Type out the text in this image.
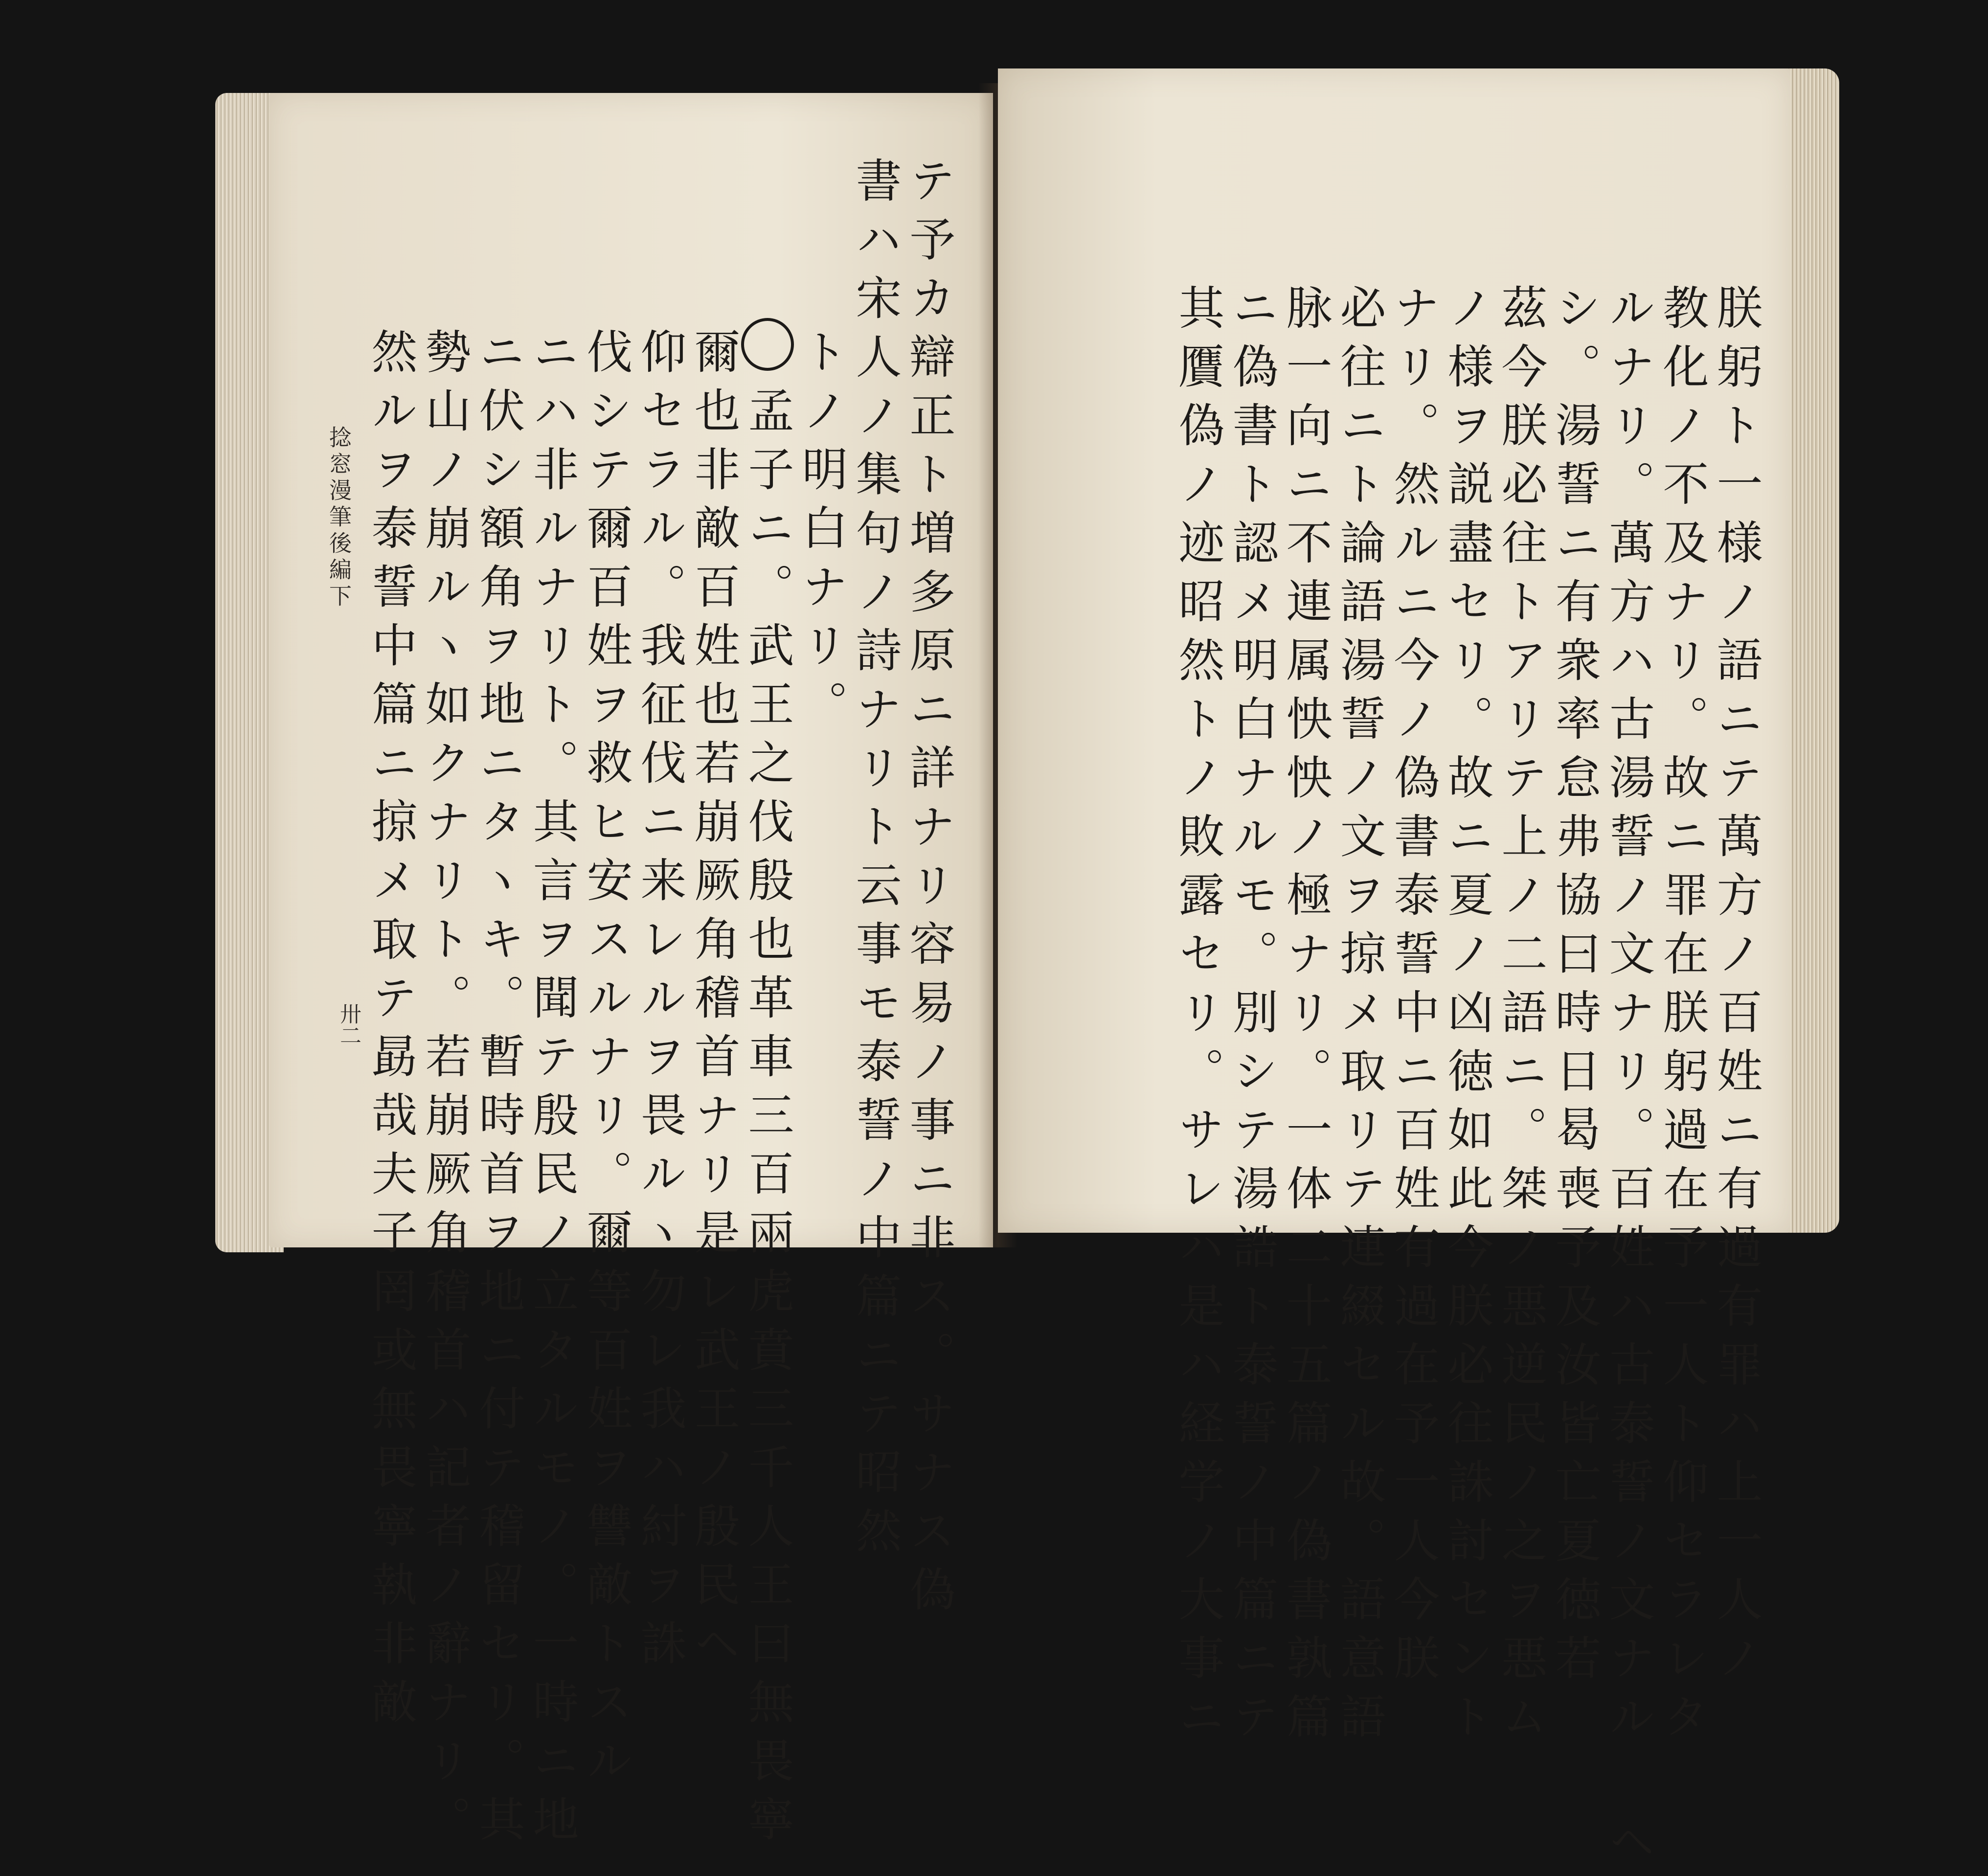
テ予カ辯正ト増多原ニ詳ナリ容易ノ事ニ非ス。サナス偽
書ハ宋人ノ集句ノ詩ナリト云事モ泰誓ノ中篇ニテ昭然
トノ明白ナリ。
孟子ニ。武王之伐殷也革車三百兩虎賁三千人王曰無畏寧
爾也非敵百姓也若崩厥角稽首ナリ是レ武王ノ殷民ヘ
仰セラル。我征伐ニ来レルヲ畏ルヽ勿レ我ハ紂ヲ誅
伐シテ爾百姓ヲ救ヒ安スルナリ。爾等百姓ヲ讐敵トスル
ニハ非ルナリト。其言ヲ聞テ殷民ノ立タルモノ。一時ニ地
ニ伏シ額角ヲ地ニタヽキ。暫時首ヲ地ニ付テ稽留セリ。其
勢山ノ崩ルヽ如クナリト。若崩厥角稽首ハ記者ノ辭ナリ。
然ルヲ泰誓中篇ニ掠メ取テ勗哉夫子罔或無畏寧執非敵
捻窓漫筆後編下
卅二	朕躬ト一様ノ語ニテ萬方ノ百姓ニ有過有罪ハ上一人ノ
教化ノ不及ナリ。故ニ罪在朕躬過在予一人ト仰セラレタ
ルナリ。萬方ハ古湯誓ノ文ナリ。百姓ハ古泰誓ノ文ナル ヘ
シ。湯誓ニ有衆率怠弗協曰時日曷喪予及汝皆亡夏徳若
茲今朕必往トアリテ上ノ二語ニ。桀ノ悪逆民ノ之ヲ悪ム
ノ様ヲ説盡セリ。故ニ夏ノ凶徳如此今朕必往誅討セント
ナリ。然ルニ今ノ偽書泰誓中ニ百姓有過在予一人今朕
必往ニト論語湯誓ノ文ヲ掠メ取リテ連綴セル故。語意語
脉一向ニ不連属怏怏ノ極ナリ。一体二十五篇ノ偽書孰篇
ニ偽書ト認メ明白ナルモ。別シテ湯誥ト泰誓ノ中篇ニテ
其贋偽ノ迹昭然トノ敗露セリ。サレハ是ハ経学ノ大事ニ
